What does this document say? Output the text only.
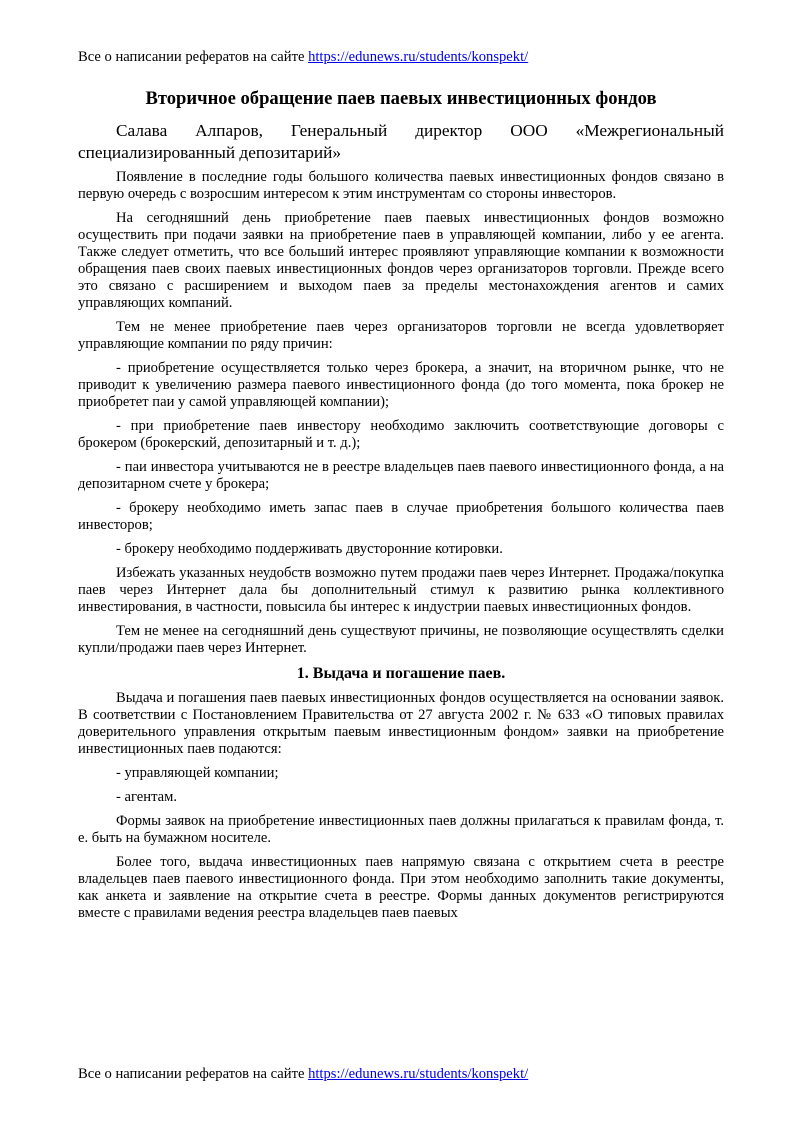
Все о написании рефератов на сайте https://edunews.ru/students/konspekt/
Вторичное обращение паев паевых инвестиционных фондов
Салава Алпаров, Генеральный директор ООО «Межрегиональный специализированный депозитарий»

Появление в последние годы большого количества паевых инвестиционных фондов связано в первую очередь с возросшим интересом к этим инструментам со стороны инвесторов.

На сегодняшний день приобретение паев паевых инвестиционных фондов возможно осуществить при подачи заявки на приобретение паев в управляющей компании, либо у ее агента. Также следует отметить, что все больший интерес проявляют управляющие компании к возможности обращения паев своих паевых инвестиционных фондов через организаторов торговли. Прежде всего это связано с расширением и выходом паев за пределы местонахождения агентов и самих управляющих компаний.

Тем не менее приобретение паев через организаторов торговли не всегда удовлетворяет управляющие компании по ряду причин:

- приобретение осуществляется только через брокера, а значит, на вторичном рынке, что не приводит к увеличению размера паевого инвестиционного фонда (до того момента, пока брокер не приобретет паи у самой управляющей компании);

- при приобретение паев инвестору необходимо заключить соответствующие договоры с брокером (брокерский, депозитарный и т. д.);

- паи инвестора учитываются не в реестре владельцев паев паевого инвестиционного фонда, а на депозитарном счете у брокера;

- брокеру необходимо иметь запас паев в случае приобретения большого количества паев инвесторов;

- брокеру необходимо поддерживать двусторонние котировки.

Избежать указанных неудобств возможно путем продажи паев через Интернет. Продажа/покупка паев через Интернет дала бы дополнительный стимул к развитию рынка коллективного инвестирования, в частности, повысила бы интерес к индустрии паевых инвестиционных фондов.

Тем не менее на сегодняшний день существуют причины, не позволяющие осуществлять сделки купли/продажи паев через Интернет.

1. Выдача и погашение паев.

Выдача и погашения паев паевых инвестиционных фондов осуществляется на основании заявок. В соответствии с Постановлением Правительства от 27 августа 2002 г. № 633 «О типовых правилах доверительного управления открытым паевым инвестиционным фондом» заявки на приобретение инвестиционных паев подаются:

- управляющей компании;

- агентам.

Формы заявок на приобретение инвестиционных паев должны прилагаться к правилам фонда, т. е. быть на бумажном носителе.

Более того, выдача инвестиционных паев напрямую связана с открытием счета в реестре владельцев паев паевого инвестиционного фонда. При этом необходимо заполнить такие документы, как анкета и заявление на открытие счета в реестре. Формы данных документов регистрируются вместе с правилами ведения реестра владельцев паев паевых

Все о написании рефератов на сайте https://edunews.ru/students/konspekt/
